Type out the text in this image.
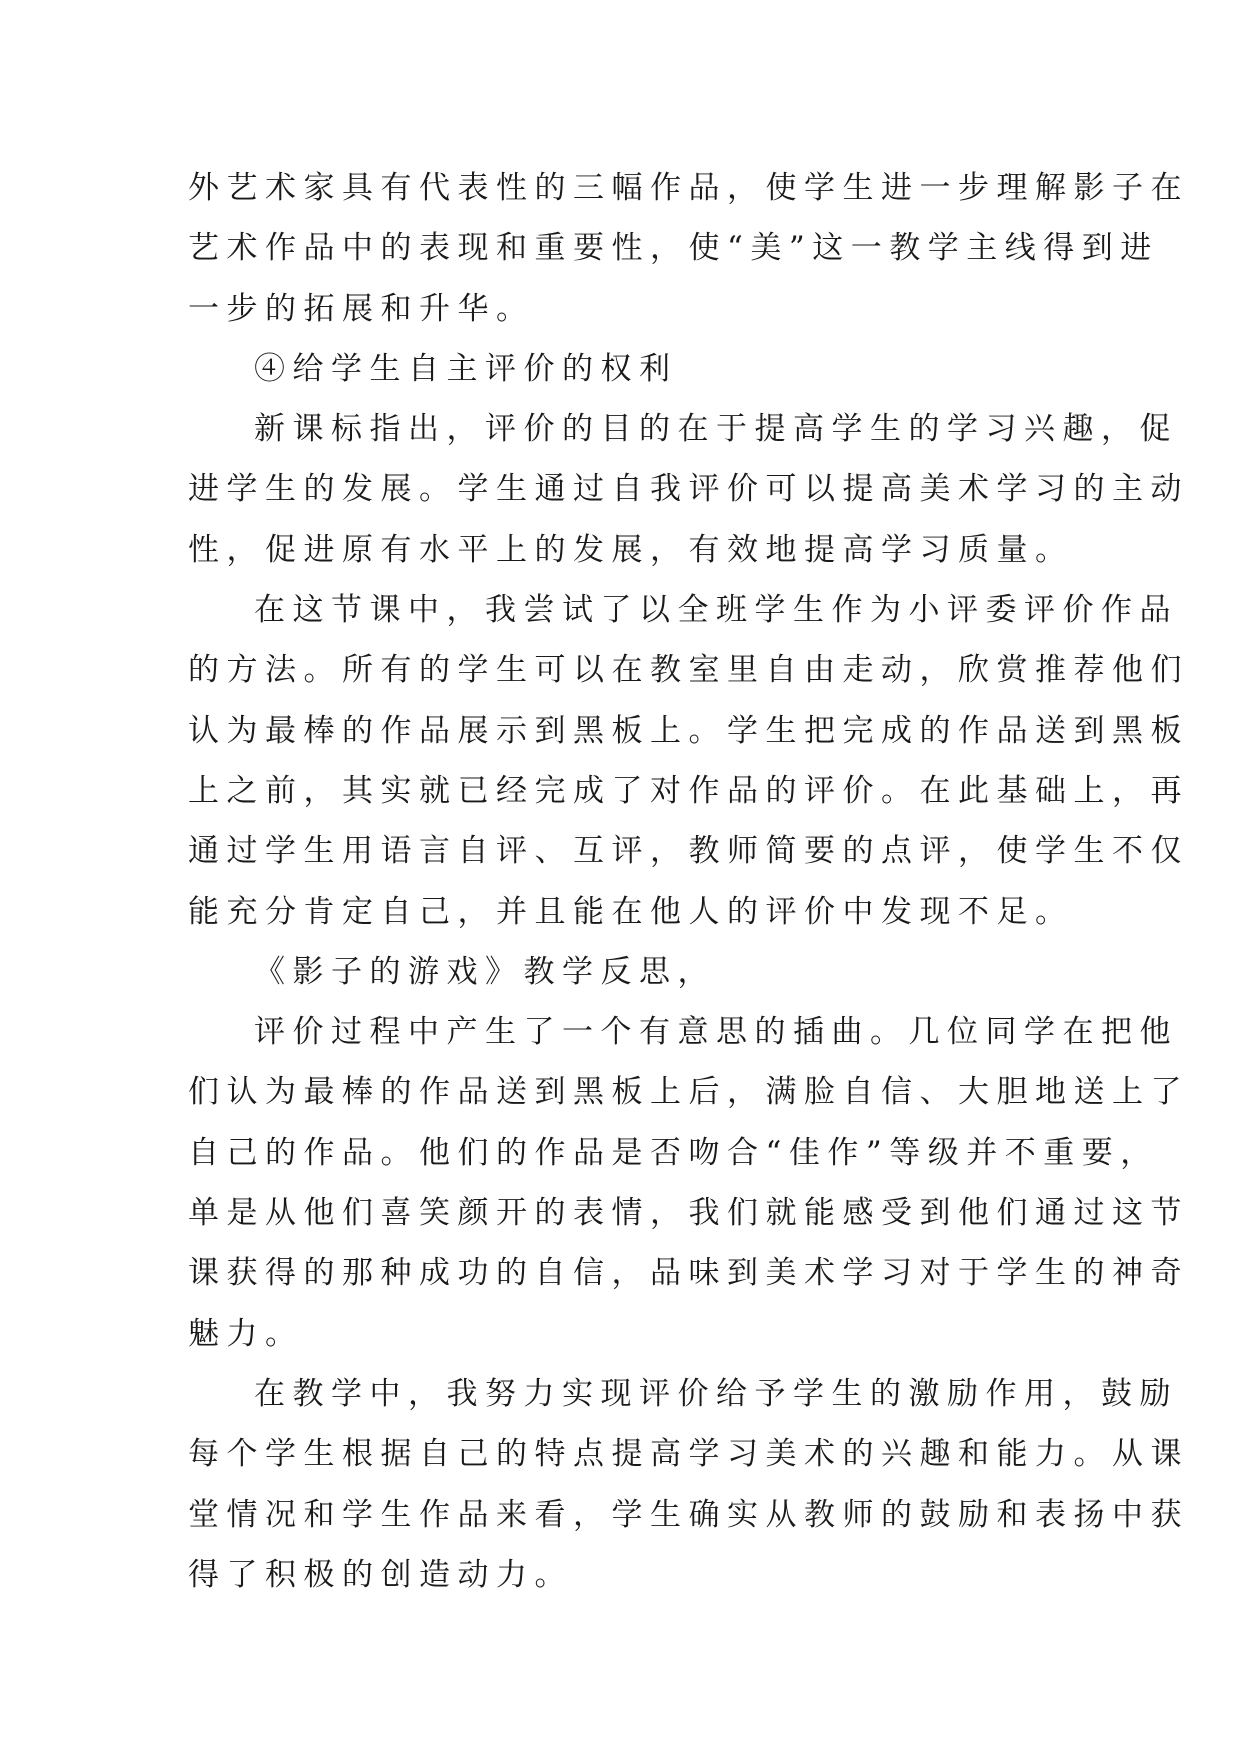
外艺术家具有代表性的三幅作品，使学生进一步理解影子在
艺术作品中的表现和重要性，使“美”这一教学主线得到进
一步的拓展和升华。
④给学生自主评价的权利
新课标指出，评价的目的在于提高学生的学习兴趣，促
进学生的发展。学生通过自我评价可以提高美术学习的主动
性，促进原有水平上的发展，有效地提高学习质量。
在这节课中，我尝试了以全班学生作为小评委评价作品
的方法。所有的学生可以在教室里自由走动，欣赏推荐他们
认为最棒的作品展示到黑板上。学生把完成的作品送到黑板
上之前，其实就已经完成了对作品的评价。在此基础上，再
通过学生用语言自评、互评，教师简要的点评，使学生不仅
能充分肯定自己，并且能在他人的评价中发现不足。
《影子的游戏》教学反思，
评价过程中产生了一个有意思的插曲。几位同学在把他
们认为最棒的作品送到黑板上后，满脸自信、大胆地送上了
自己的作品。他们的作品是否吻合“佳作”等级并不重要，
单是从他们喜笑颜开的表情，我们就能感受到他们通过这节
课获得的那种成功的自信，品味到美术学习对于学生的神奇
魅力。
在教学中，我努力实现评价给予学生的激励作用，鼓励
每个学生根据自己的特点提高学习美术的兴趣和能力。从课
堂情况和学生作品来看，学生确实从教师的鼓励和表扬中获
得了积极的创造动力。
